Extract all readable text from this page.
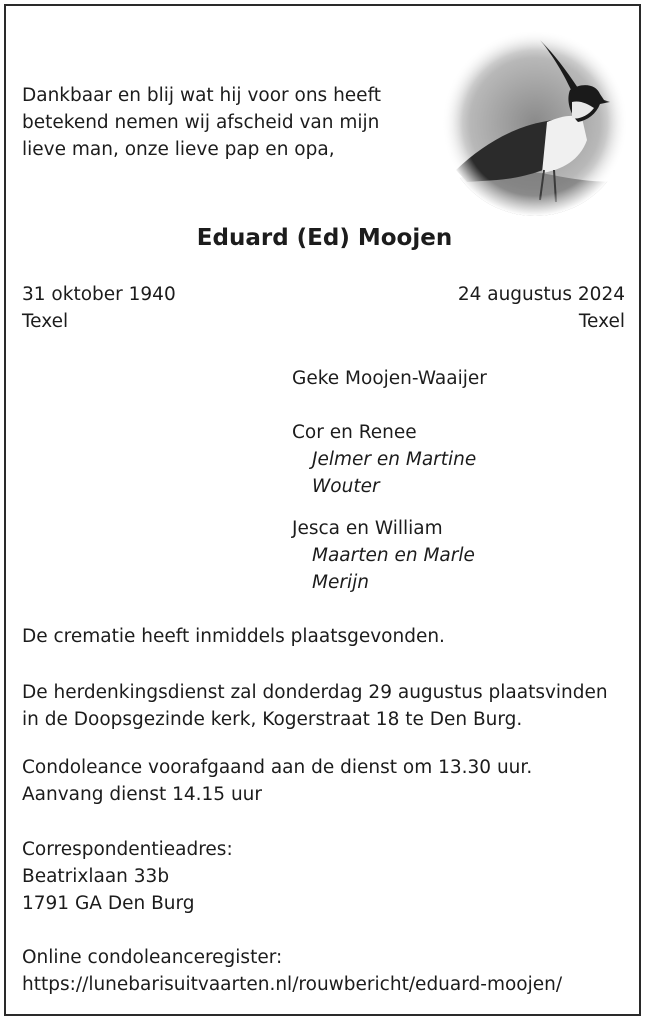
Dankbaar en blij wat hij voor ons heeft
betekend nemen wij afscheid van mijn
lieve man, onze lieve pap en opa,
Eduard (Ed) Moojen
31 oktober 1940
Texel
24 augustus 2024
Texel
Geke Moojen-Waaijer
Cor en Renee
Jelmer en Martine
Wouter
Jesca en William
Maarten en Marle
Merijn
De crematie heeft inmiddels plaatsgevonden.
De herdenkingsdienst zal donderdag 29 augustus plaatsvinden
in de Doopsgezinde kerk, Kogerstraat 18 te Den Burg.
Condoleance voorafgaand aan de dienst om 13.30 uur.
Aanvang dienst 14.15 uur
Correspondentieadres:
Beatrixlaan 33b
1791 GA Den Burg
Online condoleanceregister:
https://lunebarisuitvaarten.nl/rouwbericht/eduard-moojen/
